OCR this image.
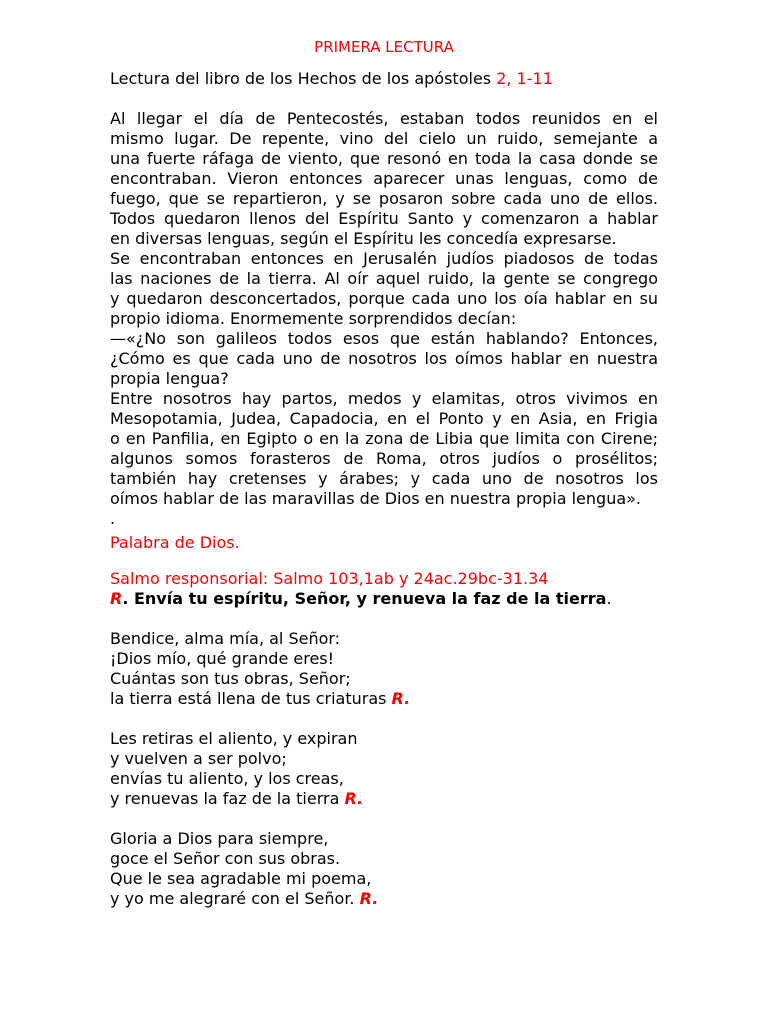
PRIMERA LECTURA
Lectura del libro de los Hechos de los apóstoles 2, 1-11

Al llegar el día de Pentecostés, estaban todos reunidos en el
mismo lugar. De repente, vino del cielo un ruido, semejante a
una fuerte ráfaga de viento, que resonó en toda la casa donde se
encontraban. Vieron entonces aparecer unas lenguas, como de
fuego, que se repartieron, y se posaron sobre cada uno de ellos.
Todos quedaron llenos del Espíritu Santo y comenzaron a hablar
en diversas lenguas, según el Espíritu les concedía expresarse.

Se encontraban entonces en Jerusalén judíos piadosos de todas
las naciones de la tierra. Al oír aquel ruido, la gente se congrego
y quedaron desconcertados, porque cada uno los oía hablar en su
propio idioma. Enormemente sorprendidos decían:

—«¿No son galileos todos esos que están hablando? Entonces,
¿Cómo es que cada uno de nosotros los oímos hablar en nuestra
propia lengua?

Entre nosotros hay partos, medos y elamitas, otros vivimos en
Mesopotamia, Judea, Capadocia, en el Ponto y en Asia, en Frigia
o en Panfilia, en Egipto o en la zona de Libia que limita con Cirene;
algunos somos forasteros de Roma, otros judíos o prosélitos;
también hay cretenses y árabes; y cada uno de nosotros los
oímos hablar de las maravillas de Dios en nuestra propia lengua».

.

Palabra de Dios.
Salmo responsorial: Salmo 103,1ab y 24ac.29bc-31.34
R. Envía tu espíritu, Señor, y renueva la faz de la tierra.
Bendice, alma mía, al Señor:
¡Dios mío, qué grande eres!
Cuántas son tus obras, Señor;
la tierra está llena de tus criaturas R.
Les retiras el aliento, y expiran
y vuelven a ser polvo;
envías tu aliento, y los creas,
y renuevas la faz de la tierra R.
Gloria a Dios para siempre,
goce el Señor con sus obras.
Que le sea agradable mi poema,
y yo me alegraré con el Señor. R.
